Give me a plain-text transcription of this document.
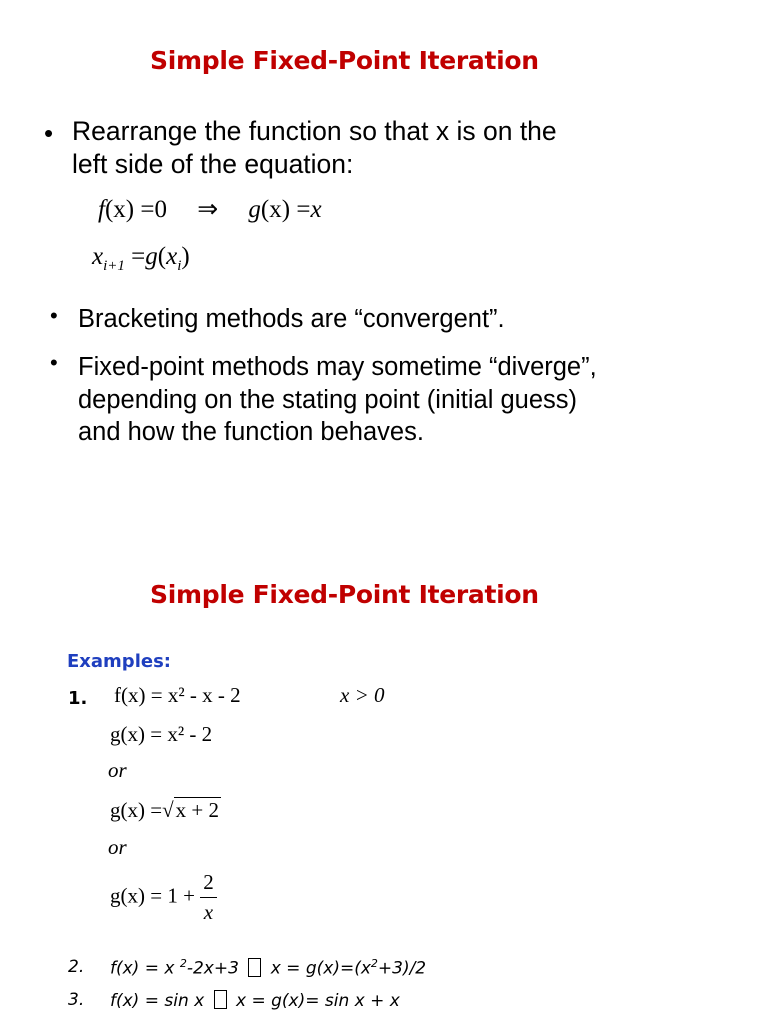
Simple Fixed-Point Iteration
• Rearrange the function so that x is on the
left side of the equation:
f(x) =0 ⇒ g(x) =x
$x_{i+1} =g(x_i)$
• Bracketing methods are “convergent”.
• Fixed-point methods may sometime “diverge”,
depending on the stating point (initial guess)
and how the function behaves.
Simple Fixed-Point Iteration
Examples:
1. f(x) = x² - x - 2	x > 0
g(x) = x² - 2
or
g(x) =√x + 2
or
$g(x) = 1 + \frac{2}{x}$
2. f(x) = x $^2$-2x+3 $x = g(x)=(x^2+3)/2$
3. f(x) = sin x x = g(x)= sin x + x
